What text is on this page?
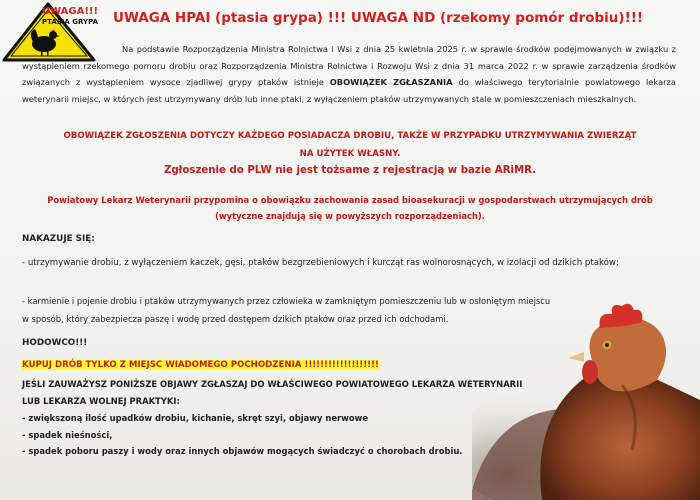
UWAGA!!!
PTASIA GRYPA UWAGA HPAI (ptasia grypa) !!! UWAGA ND (rzekomy pomór drobiu)!!!
Na podstawie Rozporządzenia Ministra Rolnictwa i Wsi z dnia 25 kwietnia 2025 r. w sprawie środków podejmowanych w związku z wystąpieniem rzekomego pomoru drobiu oraz Rozporządzenia Ministra Rolnictwa i Rozwoju Wsi z dnia 31 marca 2022 r. w sprawie zarządzenia środków związanych z wystąpieniem wysoce zjadliwej grypy ptaków istnieje OBOWIĄZEK ZGŁASZANIA do właściwego terytorialnie powiatowego lekarza weterynarii miejsc, w których jest utrzymywany drób lub inne ptaki, z wyłączeniem ptaków utrzymywanych stale w pomieszczeniach mieszkalnych.
OBOWIĄZEK ZGŁOSZENIA DOTYCZY KAŻDEGO POSIADACZA DROBIU, TAKŻE W PRZYPADKU UTRZYMYWANIA ZWIERZĄT
NA UŻYTEK WŁASNY.
Zgłoszenie do PLW nie jest tożsame z rejestracją w bazie ARiMR.
Powiatowy Lekarz Weterynarii przypomina o obowiązku zachowania zasad bioasekuracji w gospodarstwach utrzymujących drób
(wytyczne znajdują się w powyższych rozporządzeniach).
NAKAZUJE SIĘ:
- utrzymywanie drobiu, z wyłączeniem kaczek, gęsi, ptaków bezgrzebieniowych i kurcząt ras wolnorosnących, w izolacji od dzikich ptaków;
- karmienie i pojenie drobiu i ptaków utrzymywanych przez człowieka w zamkniętym pomieszczeniu lub w osłoniętym miejscu
w sposób, który zabezpiecza paszę i wodę przed dostępem dzikich ptaków oraz przed ich odchodami.
HODOWCO!!!
KUPUJ DRÓB TYLKO Z MIEJSC WIADOMEGO POCHODZENIA !!!!!!!!!!!!!!!!!!!
JEŚLI ZAUWAŻYSZ PONIŻSZE OBJAWY ZGŁASZAJ DO WŁAŚCIWEGO POWIATOWEGO LEKARZA WETERYNARII
LUB LEKARZA WOLNEJ PRAKTYKI:
- zwiększoną ilość upadków drobiu, kichanie, skręt szyi, objawy nerwowe
- spadek nieśności,
- spadek poboru paszy i wody oraz innych objawów mogących świadczyć o chorobach drobiu.
